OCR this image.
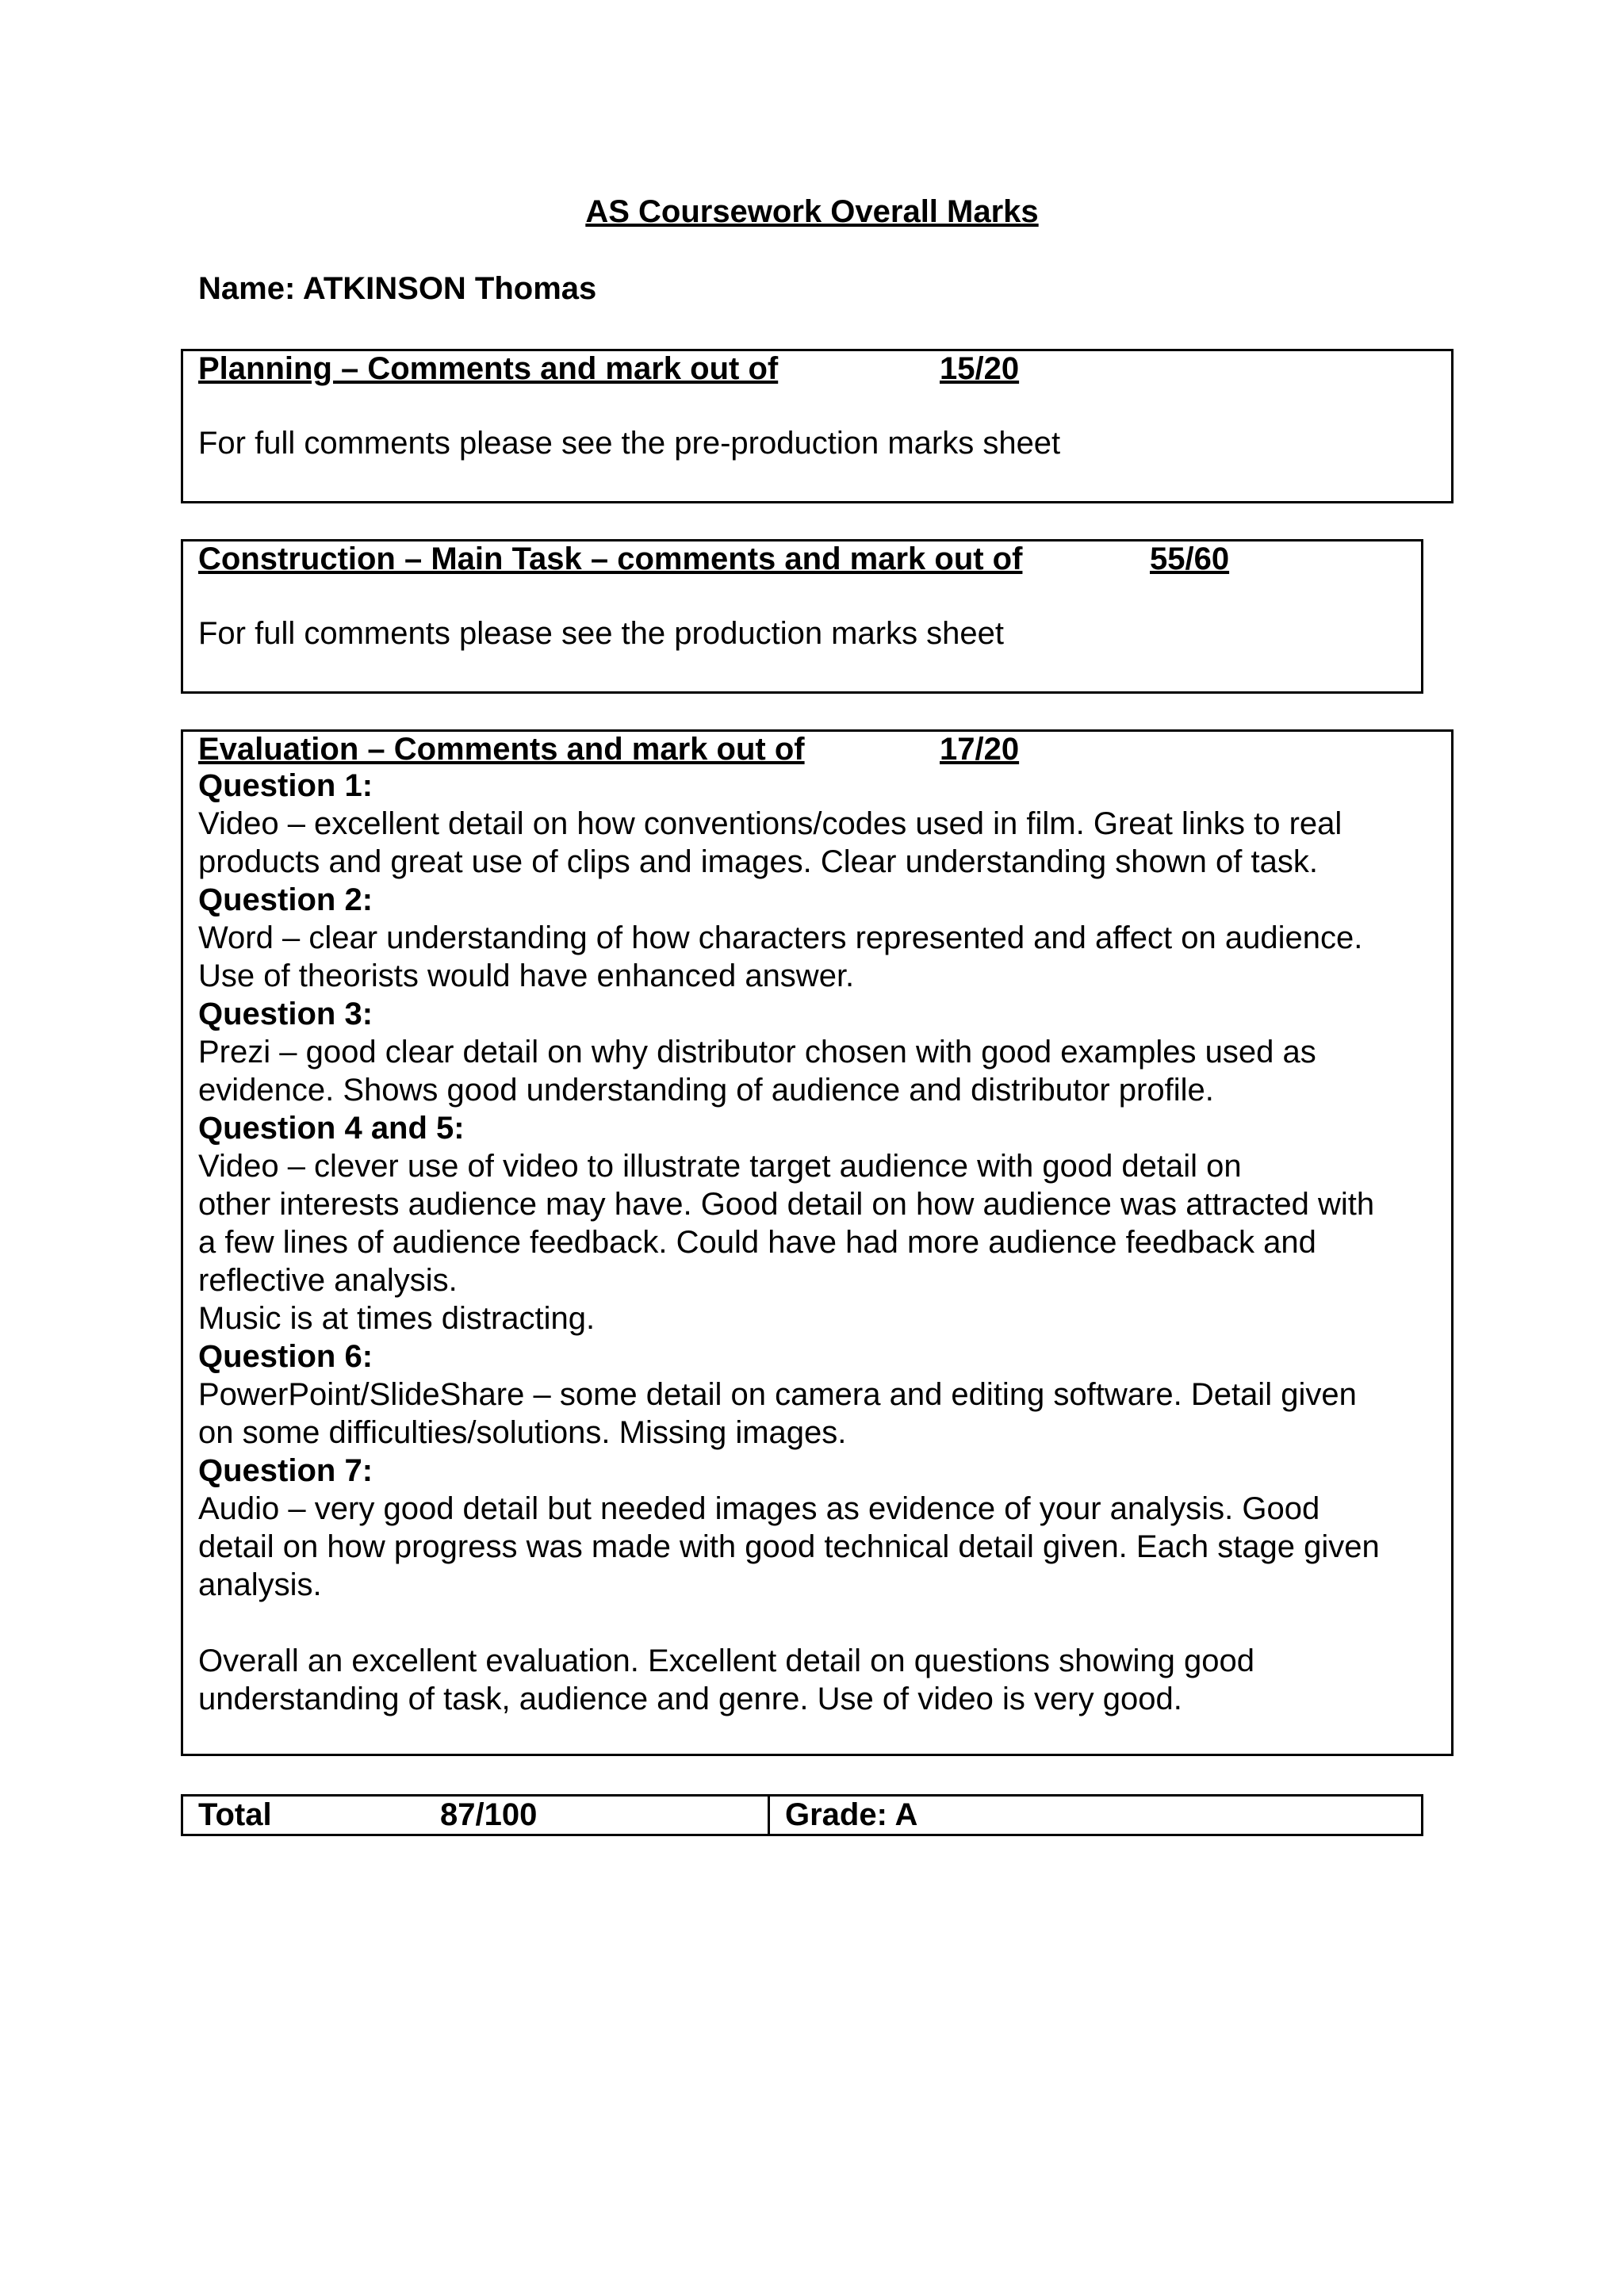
AS Coursework Overall Marks
Name: ATKINSON Thomas
Planning – Comments and mark out of	15/20
For full comments please see the pre-production marks sheet
Construction – Main Task – comments and mark out of	55/60
For full comments please see the production marks sheet
Evaluation – Comments and mark out of	17/20
Question 1:
Video – excellent detail on how conventions/codes used in film. Great links to real
products and great use of clips and images. Clear understanding shown of task.
Question 2:
Word – clear understanding of how characters represented and affect on audience.
Use of theorists would have enhanced answer.
Question 3:
Prezi – good clear detail on why distributor chosen with good examples used as
evidence. Shows good understanding of audience and distributor profile.
Question 4 and 5:
Video – clever use of video to illustrate target audience with good detail on
other interests audience may have. Good detail on how audience was attracted with
a few lines of audience feedback. Could have had more audience feedback and
reflective analysis.
Music is at times distracting.
Question 6:
PowerPoint/SlideShare – some detail on camera and editing software. Detail given
on some difficulties/solutions. Missing images.
Question 7:
Audio – very good detail but needed images as evidence of your analysis. Good
detail on how progress was made with good technical detail given. Each stage given
analysis.
Overall an excellent evaluation. Excellent detail on questions showing good
understanding of task, audience and genre. Use of video is very good.
Total	87/100	Grade: A
